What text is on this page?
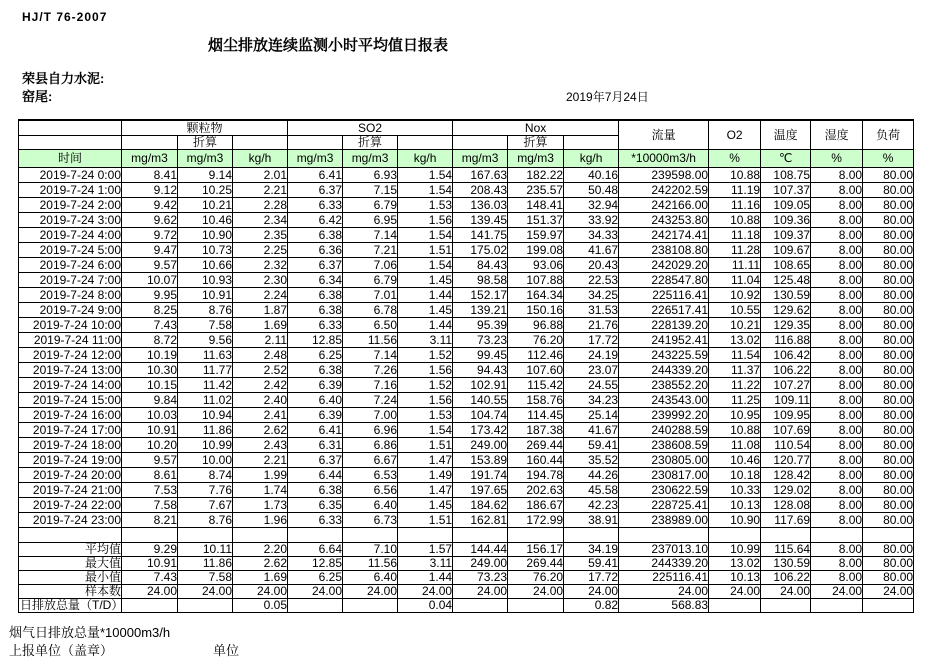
HJ/T 76-2007
烟尘排放连续监测小时平均值日报表
荣县自力水泥:
窑尾:	2019年7月24日
	颗粒物			SO2			Nox			流量	O2	温度	湿度	负荷
		折算			折算			折算						
时间	mg/m3	mg/m3	kg/h	mg/m3	mg/m3	kg/h	mg/m3	mg/m3	kg/h	*10000m3/h	%	℃	%	%
2019-7-24 0:00	8.41	9.14	2.01	6.41	6.93	1.54	167.63	182.22	40.16	239598.00	10.88	108.75	8.00	80.00
2019-7-24 1:00	9.12	10.25	2.21	6.37	7.15	1.54	208.43	235.57	50.48	242202.59	11.19	107.37	8.00	80.00
2019-7-24 2:00	9.42	10.21	2.28	6.33	6.79	1.53	136.03	148.41	32.94	242166.00	11.16	109.05	8.00	80.00
2019-7-24 3:00	9.62	10.46	2.34	6.42	6.95	1.56	139.45	151.37	33.92	243253.80	10.88	109.36	8.00	80.00
2019-7-24 4:00	9.72	10.90	2.35	6.38	7.14	1.54	141.75	159.97	34.33	242174.41	11.18	109.37	8.00	80.00
2019-7-24 5:00	9.47	10.73	2.25	6.36	7.21	1.51	175.02	199.08	41.67	238108.80	11.28	109.67	8.00	80.00
2019-7-24 6:00	9.57	10.66	2.32	6.37	7.06	1.54	84.43	93.06	20.43	242029.20	11.11	108.65	8.00	80.00
2019-7-24 7:00	10.07	10.93	2.30	6.34	6.79	1.45	98.58	107.88	22.53	228547.80	11.04	125.48	8.00	80.00
2019-7-24 8:00	9.95	10.91	2.24	6.38	7.01	1.44	152.17	164.34	34.25	225116.41	10.92	130.59	8.00	80.00
2019-7-24 9:00	8.25	8.76	1.87	6.38	6.78	1.45	139.21	150.16	31.53	226517.41	10.55	129.62	8.00	80.00
2019-7-24 10:00	7.43	7.58	1.69	6.33	6.50	1.44	95.39	96.88	21.76	228139.20	10.21	129.35	8.00	80.00
2019-7-24 11:00	8.72	9.56	2.11	12.85	11.56	3.11	73.23	76.20	17.72	241952.41	13.02	116.88	8.00	80.00
2019-7-24 12:00	10.19	11.63	2.48	6.25	7.14	1.52	99.45	112.46	24.19	243225.59	11.54	106.42	8.00	80.00
2019-7-24 13:00	10.30	11.77	2.52	6.38	7.26	1.56	94.43	107.60	23.07	244339.20	11.37	106.22	8.00	80.00
2019-7-24 14:00	10.15	11.42	2.42	6.39	7.16	1.52	102.91	115.42	24.55	238552.20	11.22	107.27	8.00	80.00
2019-7-24 15:00	9.84	11.02	2.40	6.40	7.24	1.56	140.55	158.76	34.23	243543.00	11.25	109.11	8.00	80.00
2019-7-24 16:00	10.03	10.94	2.41	6.39	7.00	1.53	104.74	114.45	25.14	239992.20	10.95	109.95	8.00	80.00
2019-7-24 17:00	10.91	11.86	2.62	6.41	6.96	1.54	173.42	187.38	41.67	240288.59	10.88	107.69	8.00	80.00
2019-7-24 18:00	10.20	10.99	2.43	6.31	6.86	1.51	249.00	269.44	59.41	238608.59	11.08	110.54	8.00	80.00
2019-7-24 19:00	9.57	10.00	2.21	6.37	6.67	1.47	153.89	160.44	35.52	230805.00	10.46	120.77	8.00	80.00
2019-7-24 20:00	8.61	8.74	1.99	6.44	6.53	1.49	191.74	194.78	44.26	230817.00	10.18	128.42	8.00	80.00
2019-7-24 21:00	7.53	7.76	1.74	6.38	6.56	1.47	197.65	202.63	45.58	230622.59	10.33	129.02	8.00	80.00
2019-7-24 22:00	7.58	7.67	1.73	6.35	6.40	1.45	184.62	186.67	42.23	228725.41	10.13	128.08	8.00	80.00
2019-7-24 23:00	8.21	8.76	1.96	6.33	6.73	1.51	162.81	172.99	38.91	238989.00	10.90	117.69	8.00	80.00

平均值	9.29	10.11	2.20	6.64	7.10	1.57	144.44	156.17	34.19	237013.10	10.99	115.64	8.00	80.00
最大值	10.91	11.86	2.62	12.85	11.56	3.11	249.00	269.44	59.41	244339.20	13.02	130.59	8.00	80.00
最小值	7.43	7.58	1.69	6.25	6.40	1.44	73.23	76.20	17.72	225116.41	10.13	106.22	8.00	80.00
样本数	24.00	24.00	24.00	24.00	24.00	24.00	24.00	24.00	24.00	24.00	24.00	24.00	24.00	24.00
日排放总量（T/D）			0.05			0.04			0.82	568.83				
烟气日排放总量*10000m3/h
上报单位（盖章）	单位
